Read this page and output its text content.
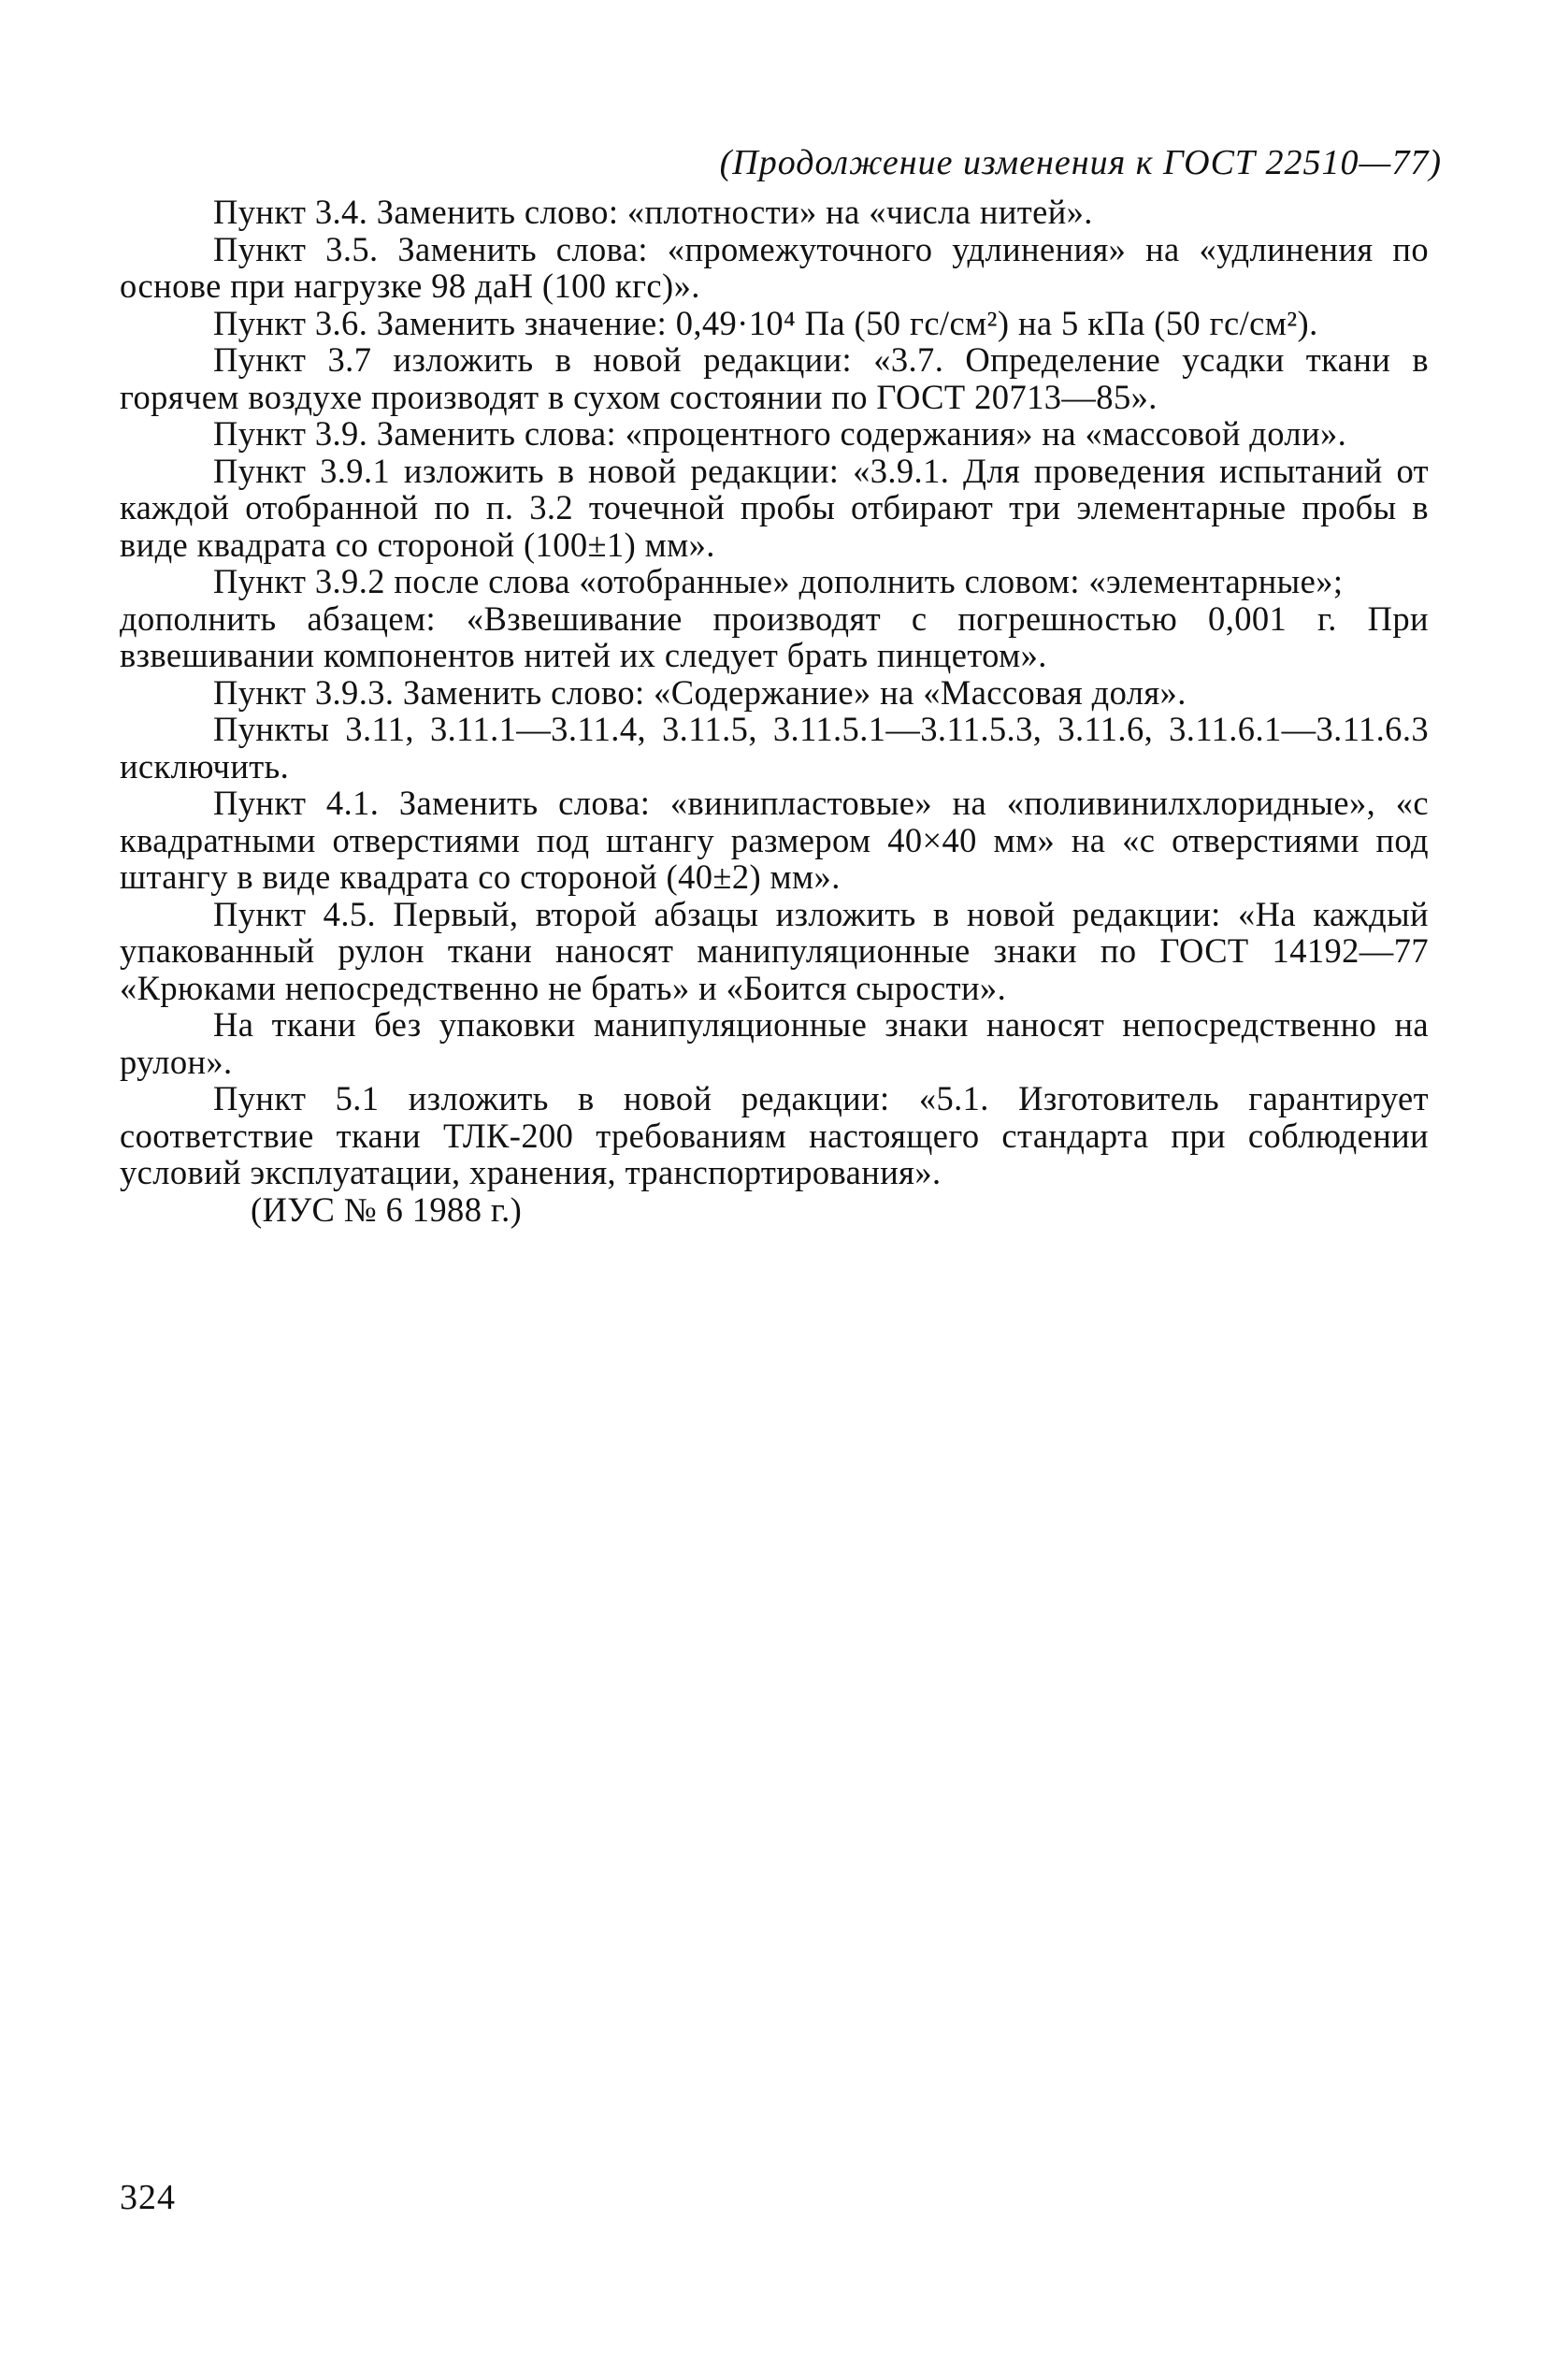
(Продолжение изменения к ГОСТ 22510—77)

Пункт 3.4. Заменить слово: «плотности» на «числа нитей».

Пункт 3.5. Заменить слова: «промежуточного удлинения» на «удлинения по основе при нагрузке 98 даН (100 кгс)».

Пункт 3.6. Заменить значение: 0,49·10⁴ Па (50 гс/см²) на 5 кПа (50 гс/см²).

Пункт 3.7 изложить в новой редакции: «3.7. Определение усадки ткани в горячем воздухе производят в сухом состоянии по ГОСТ 20713—85».

Пункт 3.9. Заменить слова: «процентного содержания» на «массовой доли».

Пункт 3.9.1 изложить в новой редакции: «3.9.1. Для проведения испытаний от каждой отобранной по п. 3.2 точечной пробы отбирают три элементарные пробы в виде квадрата со стороной (100±1) мм».

Пункт 3.9.2 после слова «отобранные» дополнить словом: «элементарные»;

дополнить абзацем: «Взвешивание производят с погрешностью 0,001 г. При взвешивании компонентов нитей их следует брать пинцетом».

Пункт 3.9.3. Заменить слово: «Содержание» на «Массовая доля».

Пункты 3.11, 3.11.1—3.11.4, 3.11.5, 3.11.5.1—3.11.5.3, 3.11.6, 3.11.6.1—3.11.6.3 исключить.

Пункт 4.1. Заменить слова: «винипластовые» на «поливинилхлоридные», «с квадратными отверстиями под штангу размером 40×40 мм» на «с отверстиями под штангу в виде квадрата со стороной (40±2) мм».

Пункт 4.5. Первый, второй абзацы изложить в новой редакции: «На каждый упакованный рулон ткани наносят манипуляционные знаки по ГОСТ 14192—77 «Крюками непосредственно не брать» и «Боится сырости».

На ткани без упаковки манипуляционные знаки наносят непосредственно на рулон».

Пункт 5.1 изложить в новой редакции: «5.1. Изготовитель гарантирует соответствие ткани ТЛК-200 требованиям настоящего стандарта при соблюдении условий эксплуатации, хранения, транспортирования».

(ИУС № 6 1988 г.)

324
